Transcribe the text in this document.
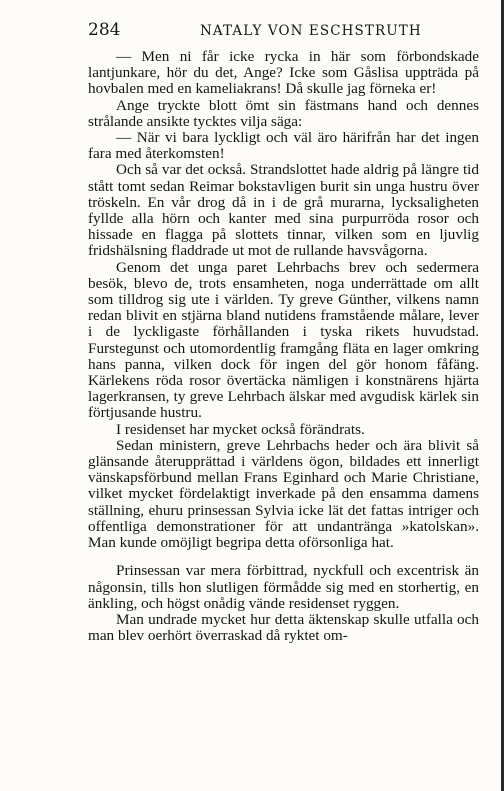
284	NATALY VON ESCHSTRUTH

— Men ni får icke rycka in här som förbondskade lantjunkare, hör du det, Ange? Icke som Gåslisa uppträda på hovbalen med en kameliakrans! Då skulle jag förneka er!

Ange tryckte blott ömt sin fästmans hand och dennes strålande ansikte tycktes vilja säga:

— När vi bara lyckligt och väl äro härifrån har det ingen fara med återkomsten!

Och så var det också. Strandslottet hade aldrig på längre tid stått tomt sedan Reimar bokstavligen burit sin unga hustru över tröskeln. En vår drog då in i de grå murarna, lycksaligheten fyllde alla hörn och kanter med sina purpurröda rosor och hissade en flagga på slottets tinnar, vilken som en ljuvlig fridshälsning fladdrade ut mot de rullande havsvågorna.

Genom det unga paret Lehrbachs brev och sedermera besök, blevo de, trots ensamheten, noga underrättade om allt som tilldrog sig ute i världen. Ty greve Günther, vilkens namn redan blivit en stjärna bland nutidens framstående målare, lever i de lyckligaste förhållanden i tyska rikets huvudstad. Furstegunst och utomordentlig framgång fläta en lager omkring hans panna, vilken dock för ingen del gör honom fåfäng. Kärlekens röda rosor övertäcka nämligen i konstnärens hjärta lagerkransen, ty greve Lehrbach älskar med avgudisk kärlek sin förtjusande hustru.

I residenset har mycket också förändrats.

Sedan ministern, greve Lehrbachs heder och ära blivit så glänsande återupprättad i världens ögon, bildades ett innerligt vänskapsförbund mellan Frans Eginhard och Marie Christiane, vilket mycket fördelaktigt inverkade på den ensamma damens ställning, ehuru prinsessan Sylvia icke lät det fattas intriger och offentliga demonstrationer för att undantränga »katolskan». Man kunde omöjligt begripa detta oförsonliga hat.

Prinsessan var mera förbittrad, nyckfull och excentrisk än någonsin, tills hon slutligen förmådde sig med en storhertig, en änkling, och högst onådig vände residenset ryggen.

Man undrade mycket hur detta äktenskap skulle utfalla och man blev oerhört överraskad då ryktet om-
